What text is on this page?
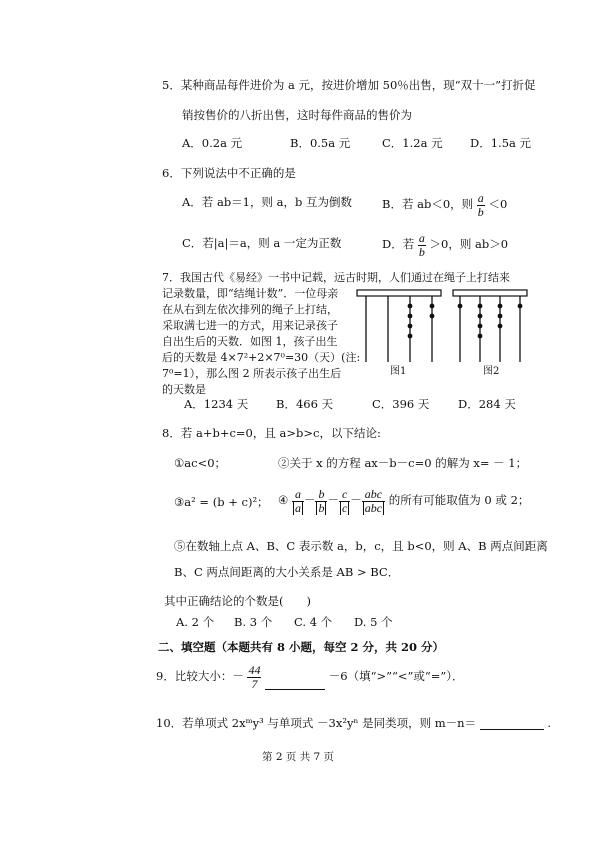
5．某种商品每件进价为 a 元，按进价增加 50％出售，现“双十一”打折促
销按售价的八折出售，这时每件商品的售价为
A．0.2a 元	B．0.5a 元	C．1.2a 元 D．1.5a 元
6．下列说法中不正确的是
A．若 ab＝1，则 a，b 互为倒数	B．若 ab＜0，则 $\frac{a}{b} <0$
C．若|a|＝a，则 a 一定为正数	D．若 $\frac{a}{b} >0$，则 ab＞0
7．我国古代《易经》一书中记载，远古时期，人们通过在绳子上打结来
记录数量，即“结绳计数”．一位母亲
在从右到左依次排列的绳子上打结，
采取满七进一的方式，用来记录孩子
自出生后的天数．如图 1，孩子出生
后的天数是 4×7²+2×7⁰=30（天）(注:
7⁰=1），那么图 2 所表示孩子出生后
的天数是
图1	图2
A．1234 天 B．466 天	C．396 天 D．284 天
8．若 a+b+c=0，且 a>b>c，以下结论:
①ac<0；	②关于 x 的方程 ax－b－c=0 的解为 x= － 1；
③a² = (b + c)²； ④ $\frac{a}{a} - \frac{b}{b} - \frac{c}{c} - \frac{\text{abc}}{\text{abc}}$ 的所有可能取值为 0 或 2；
⑤在数轴上点 A、B、C 表示数 a，b，c，且 b<0，则 A、B 两点间距离
B、C 两点间距离的大小关系是 AB > BC．
其中正确结论的个数是(　　)
A. 2 个 B. 3 个 C. 4 个 D. 5 个
二、填空题（本题共有 8 小题，每空 2 分，共 20 分）
9．比较大小：－ $\frac{44}{7}$	－6（填“>”“<”或“=”）．
10．若单项式 2xᵐy³ 与单项式 －3x²yⁿ 是同类项，则 m－n＝	.
第 2 页 共 7 页
